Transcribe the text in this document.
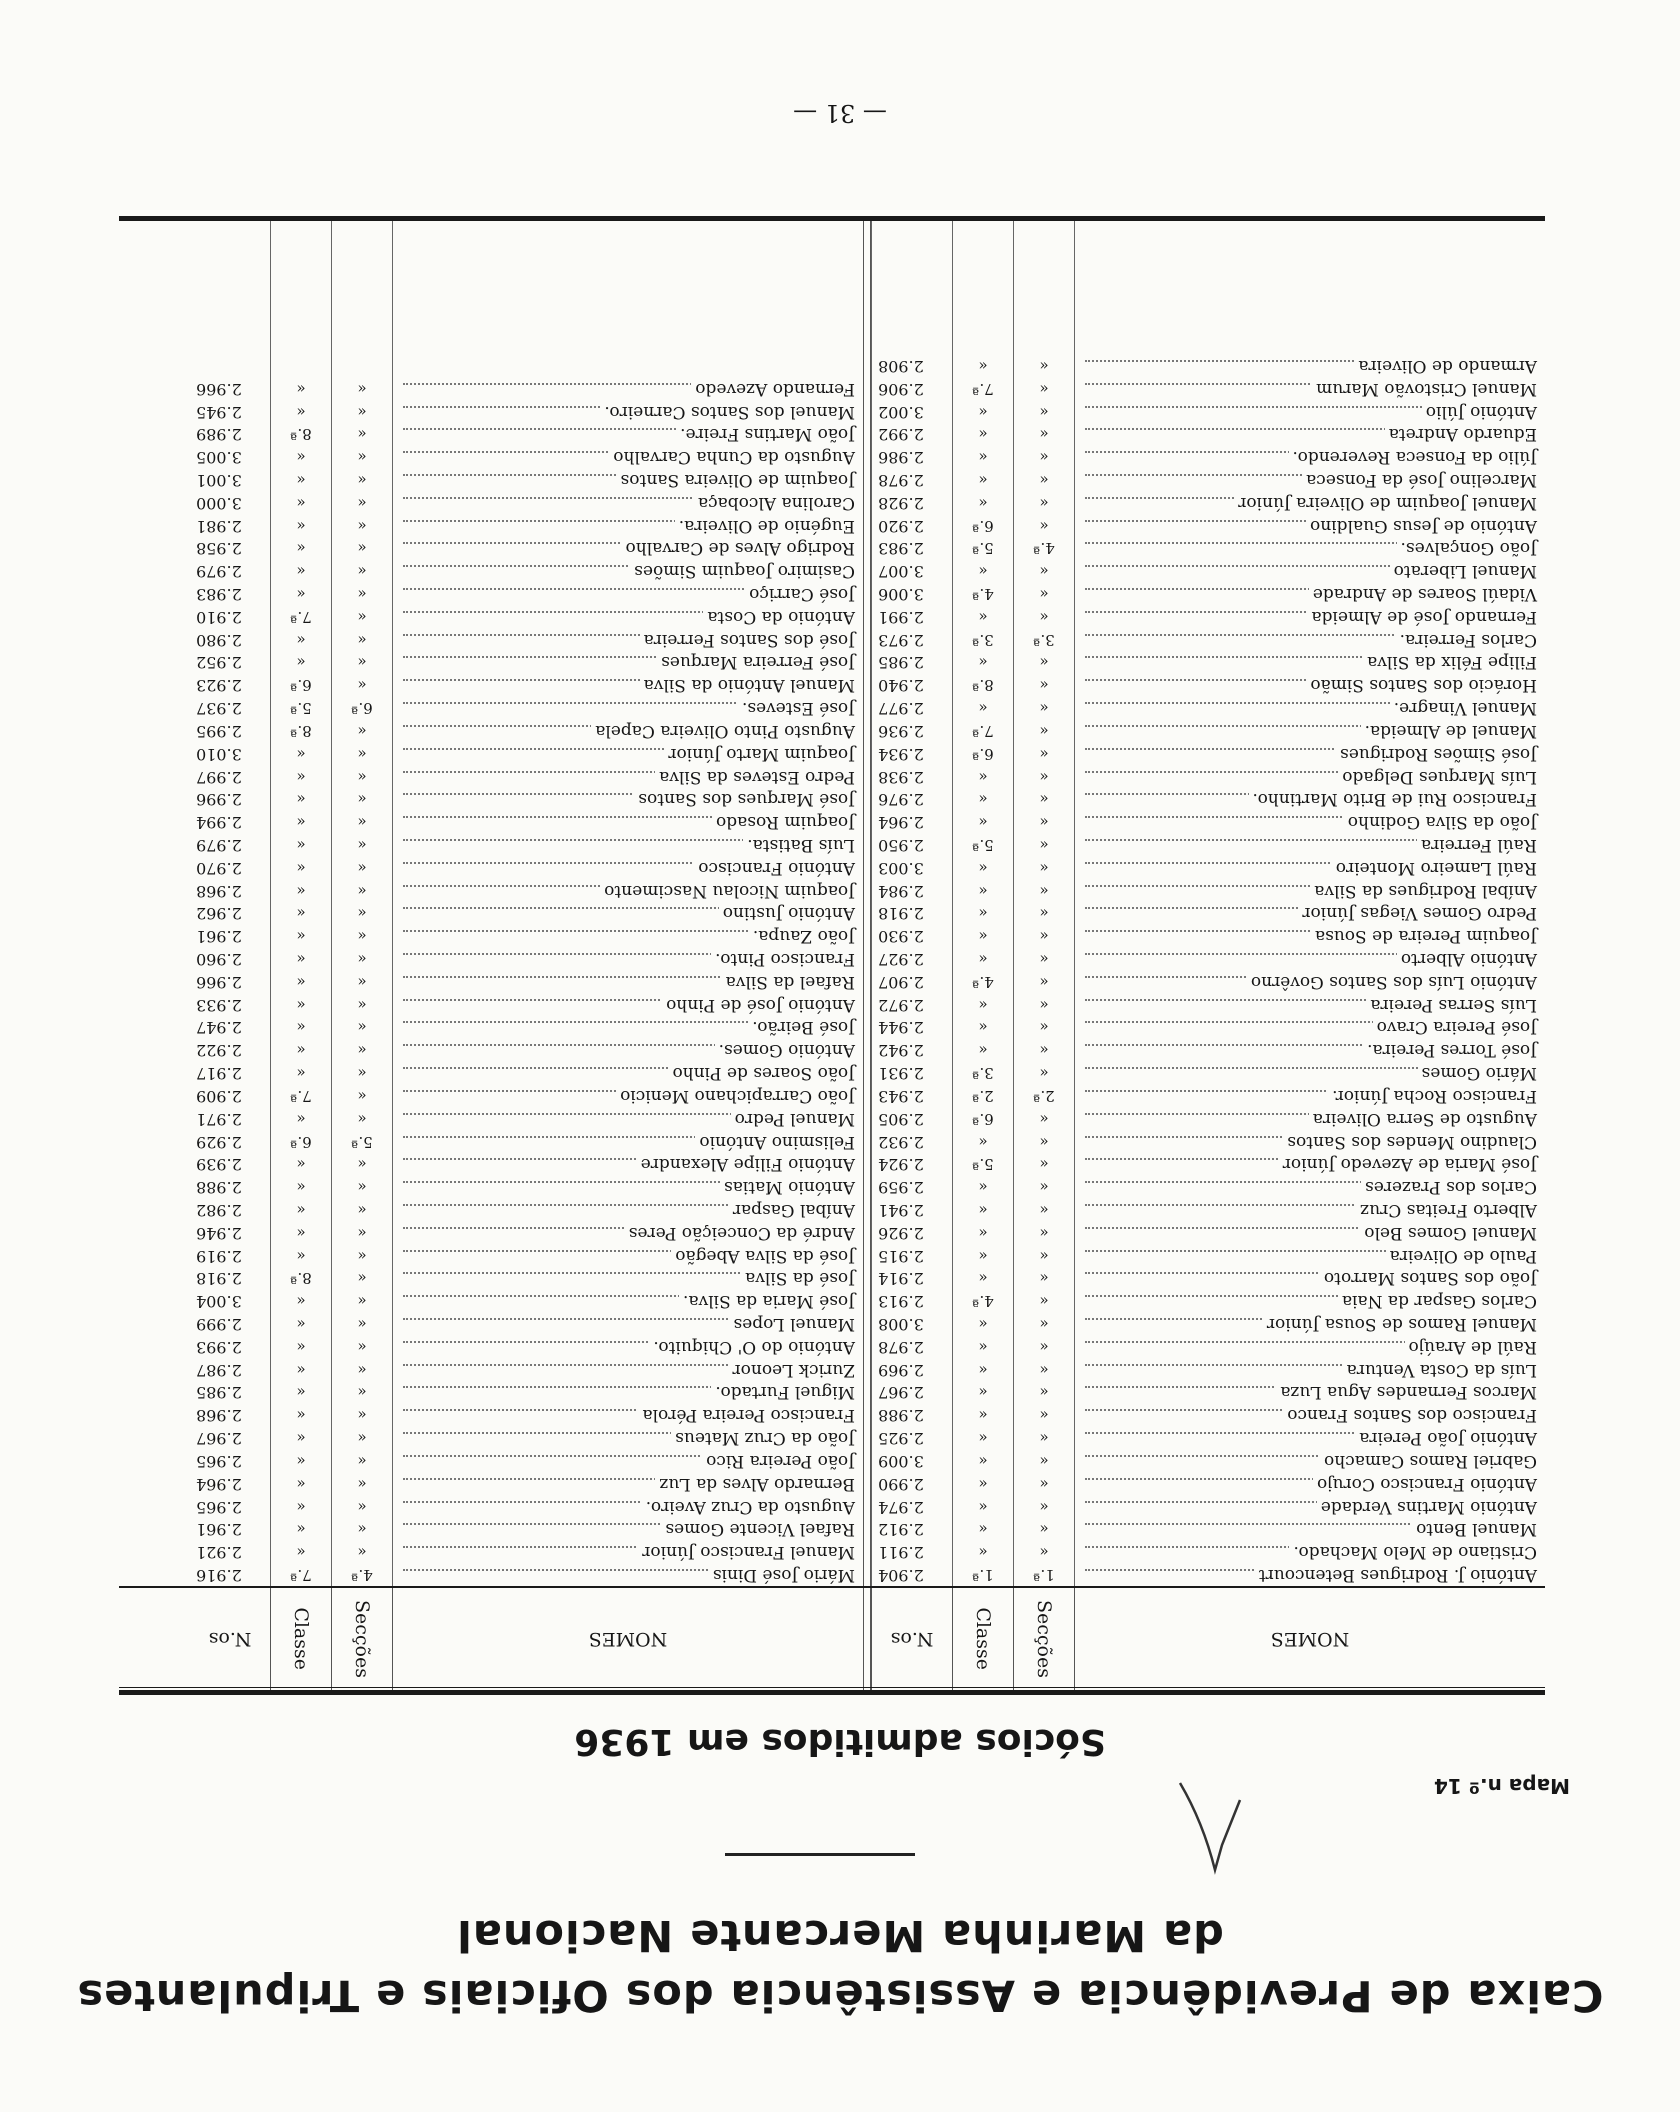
Caixa de Previdência e Assistência dos Oficiais e Tripulantes
da Marinha Mercante Nacional
Mapa n.º 14
Sócios admitidos em 1936
NOMES
Secções
Classe
N.os
NOMES
Secções
Classe
N.os
António J. Rodrigues Betencourt
Cristiano de Melo Machado.
Manuel Bento
António Martins Verdade
António Francisco Corujo
Gabriel Ramos Camacho
António João Pereira
Francisco dos Santos Franco
Marcos Fernandes Agua Luza
Luís da Costa Ventura
Raúl de Araújo
Manuel Ramos de Sousa Júnior
Carlos Gaspar da Naia
João dos Santos Marroto
Paulo de Oliveira
Manuel Gomes Belo
Alberto Freitas Cruz
Carlos dos Prazeres
José Maria de Azevedo Júnior
Claudino Mendes dos Santos
Augusto de Serra Oliveira
Francisco Rocha Júnior.
Mário Gomes
José Torres Pereira.
José Pereira Cravo
Luís Serras Pereira
António Luís dos Santos Govêrno
António Alberto
Joaquim Pereira de Sousa
Pedro Gomes Viegas Júnior
Aníbal Rodrigues da Silva
Raúl Lameiro Monteiro
Raúl Ferreira
João da Silva Godinho
Francisco Rui de Brito Martinho.
Luís Marques Delgado
José Simões Rodrigues
Manuel de Almeida.
Manuel Vinagre.
Horácio dos Santos Simão
Filipe Félix da Silva
Carlos Ferreira.
Fernando José de Almeida
Vidaúl Soares de Andrade
Manuel Liberato
João Gonçalves.
António de Jesus Gualdino
Manuel Joaquim de Oliveira Júnior
Marcelino José da Fonseca
Júlio da Fonseca Reverendo.
Eduardo Andreta
António Júlio
Manuel Cristovão Marum
Armando de Oliveira
1.ª
«
«
«
«
«
«
«
«
«
«
«
«
«
«
«
«
«
«
«
«
2.ª
«
«
«
«
«
«
«
«
«
«
«
«
«
«
«
«
«
«
«
3.ª
«
«
«
4.ª
«
«
«
«
«
«
«
«
1.ª
«
«
«
«
«
«
«
«
«
«
«
4.ª
«
«
«
«
«
5.ª
«
6.ª
2.ª
3.ª
«
«
«
4.ª
«
«
«
«
«
5.ª
«
«
«
6.ª
7.ª
«
8.ª
«
3.ª
«
4.ª
«
5.ª
6.ª
«
«
«
«
«
7.ª
«
2.904
2.911
2.912
2.974
2.990
3.009
2.925
2.988
2.967
2.969
2.978
3.008
2.913
2.914
2.915
2.926
2.941
2.959
2.924
2.932
2.905
2.943
2.931
2.942
2.944
2.972
2.907
2.927
2.930
2.918
2.984
3.003
2.950
2.964
2.976
2.938
2.934
2.936
2.977
2.940
2.985
2.973
2.991
3.006
3.007
2.983
2.920
2.928
2.978
2.986
2.992
3.002
2.906
2.908
Mário José Dinis
Manuel Francisco Júnior
Rafael Vicente Gomes
Augusto da Cruz Aveiro.
Bernardo Alves da Luz
João Pereira Rico
João da Cruz Mateus
Francisco Pereira Pérola
Miguel Furtado.
Zurick Leonor
António do O' Chiquito.
Manuel Lopes
José Maria da Silva.
José da Silva
José da Silva Abegão
André da Conceição Peres
Aníbal Gaspar
António Matias
António Filipe Alexandre
Felismino António
Manuel Pedro
João Carrapichano Menicio
João Soares de Pinho
António Gomes.
José Beirão.
António José de Pinho
Rafael da Silva
Francisco Pinto.
João Zaupa.
António Justino
Joaquim Nicolau Nascimento
António Francisco
Luís Batista.
Joaquim Rosado
José Marques dos Santos
Pedro Esteves da Silva
Joaquim Marto Júnior
Augusto Pinto Oliveira Capela
José Esteves.
Manuel António da Silva
José Ferreira Marques
José dos Santos Ferreira
António da Costa
José Carriço
Casimiro Joaquim Simões
Rodrigo Alves de Carvalho
Eugénio de Oliveira.
Carolina Alcobaça
Joaquim de Oliveira Santos
Augusto da Cunha Carvalho
João Martins Freire.
Manuel dos Santos Carneiro.
Fernando Azevedo
4.ª
«
«
«
«
«
«
«
«
«
«
«
«
«
«
«
«
«
«
5.ª
«
«
«
«
«
«
«
«
«
«
«
«
«
«
«
«
«
«
6.ª
«
«
«
«
«
«
«
«
«
«
«
«
«
«
7.ª
«
«
«
«
«
«
«
«
«
«
«
«
8.ª
«
«
«
«
«
6.ª
«
7.ª
«
«
«
«
«
«
«
«
«
«
«
«
«
«
«
8.ª
5.ª
6.ª
«
«
7.ª
«
«
«
«
«
«
«
8.ª
«
«
2.916
2.921
2.961
2.965
2.964
2.965
2.967
2.968
2.985
2.987
2.993
2.999
3.004
2.918
2.919
2.946
2.982
2.988
2.939
2.929
2.971
2.909
2.917
2.922
2.947
2.933
2.966
2.960
2.961
2.962
2.968
2.970
2.979
2.994
2.996
2.997
3.010
2.995
2.937
2.923
2.952
2.980
2.910
2.983
2.979
2.958
2.981
3.000
3.001
3.005
2.989
2.945
2.966
— 31 —
